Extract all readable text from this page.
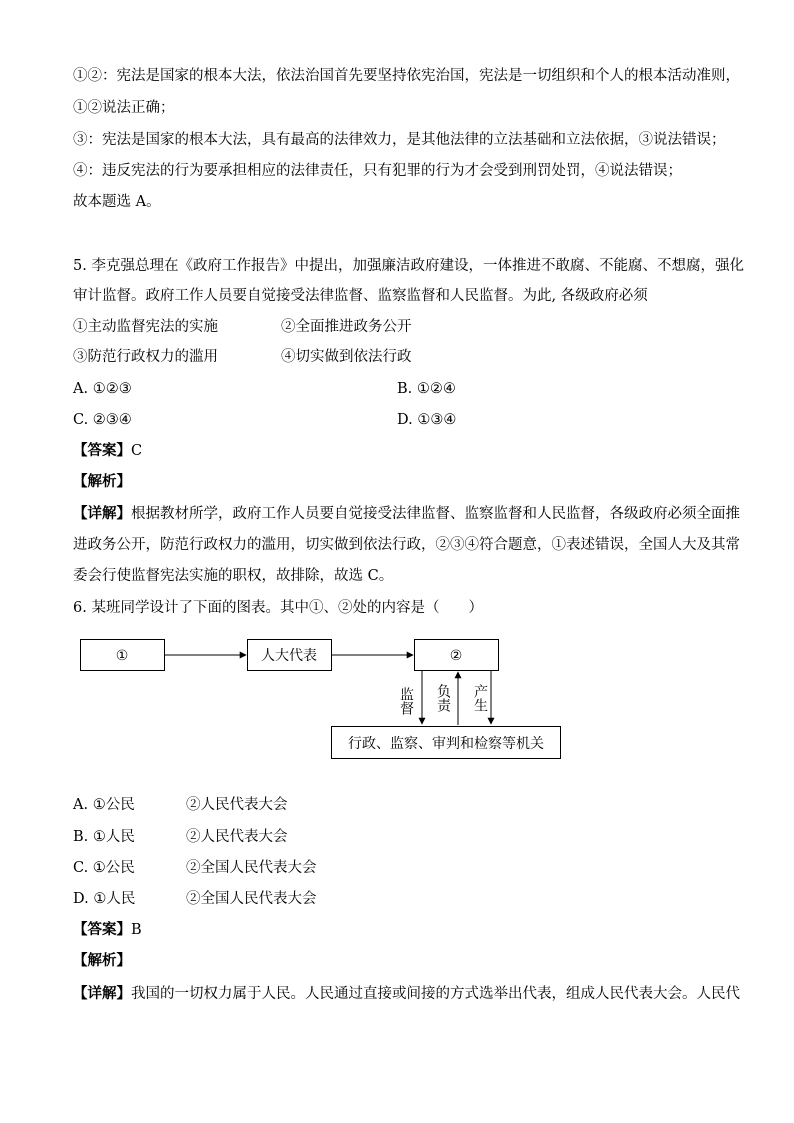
①②：宪法是国家的根本大法，依法治国首先要坚持依宪治国，宪法是一切组织和个人的根本活动准则，
①②说法正确；
③：宪法是国家的根本大法，具有最高的法律效力，是其他法律的立法基础和立法依据，③说法错误；
④：违反宪法的行为要承担相应的法律责任，只有犯罪的行为才会受到刑罚处罚，④说法错误；
故本题选 A。
5. 李克强总理在《政府工作报告》中提出，加强廉洁政府建设，一体推进不敢腐、不能腐、不想腐，强化
审计监督。政府工作人员要自觉接受法律监督、监察监督和人民监督。为此, 各级政府必须
①主动监督宪法的实施	②全面推进政务公开
③防范行政权力的滥用	④切实做到依法行政
A. ①②③	B. ①②④
C. ②③④	D. ①③④
【答案】C
【解析】
【详解】根据教材所学，政府工作人员要自觉接受法律监督、监察监督和人民监督，各级政府必须全面推
进政务公开，防范行政权力的滥用，切实做到依法行政，②③④符合题意，①表述错误，全国人大及其常
委会行使监督宪法实施的职权，故排除，故选 C。
6. 某班同学设计了下面的图表。其中①、②处的内容是（　　）
①	人大代表	②
监督 负责 产生
行政、监察、审判和检察等机关
A. ①公民	②人民代表大会
B. ①人民	②人民代表大会
C. ①公民	②全国人民代表大会
D. ①人民	②全国人民代表大会
【答案】B
【解析】
【详解】我国的一切权力属于人民。人民通过直接或间接的方式选举出代表，组成人民代表大会。人民代
